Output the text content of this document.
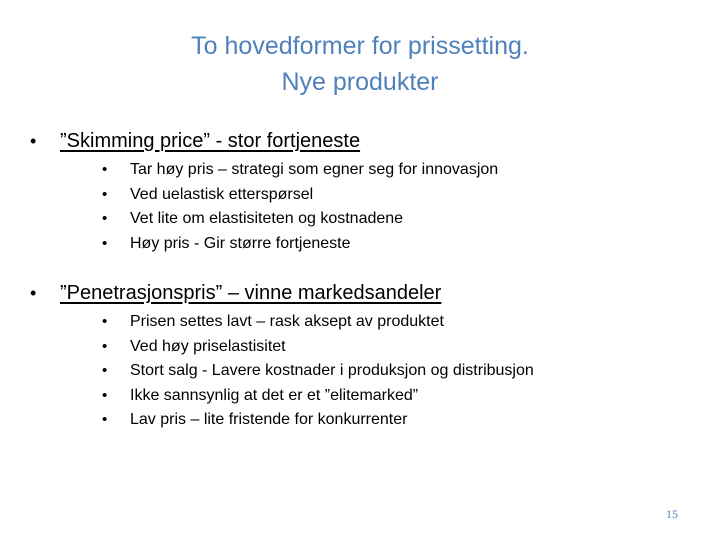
To hovedformer for prissetting.
Nye produkter
•	”Skimming price” - stor fortjeneste
•	Tar høy pris – strategi som egner seg for innovasjon
•	Ved uelastisk etterspørsel
•	Vet lite om elastisiteten og kostnadene
•	Høy pris - Gir større fortjeneste
•	”Penetrasjonspris” – vinne markedsandeler
•	Prisen settes lavt – rask aksept av produktet
•	Ved høy priselastisitet
•	Stort salg - Lavere kostnader i produksjon og distribusjon
•	Ikke sannsynlig at det er et ”elitemarked”
•	Lav pris – lite fristende for konkurrenter
15
